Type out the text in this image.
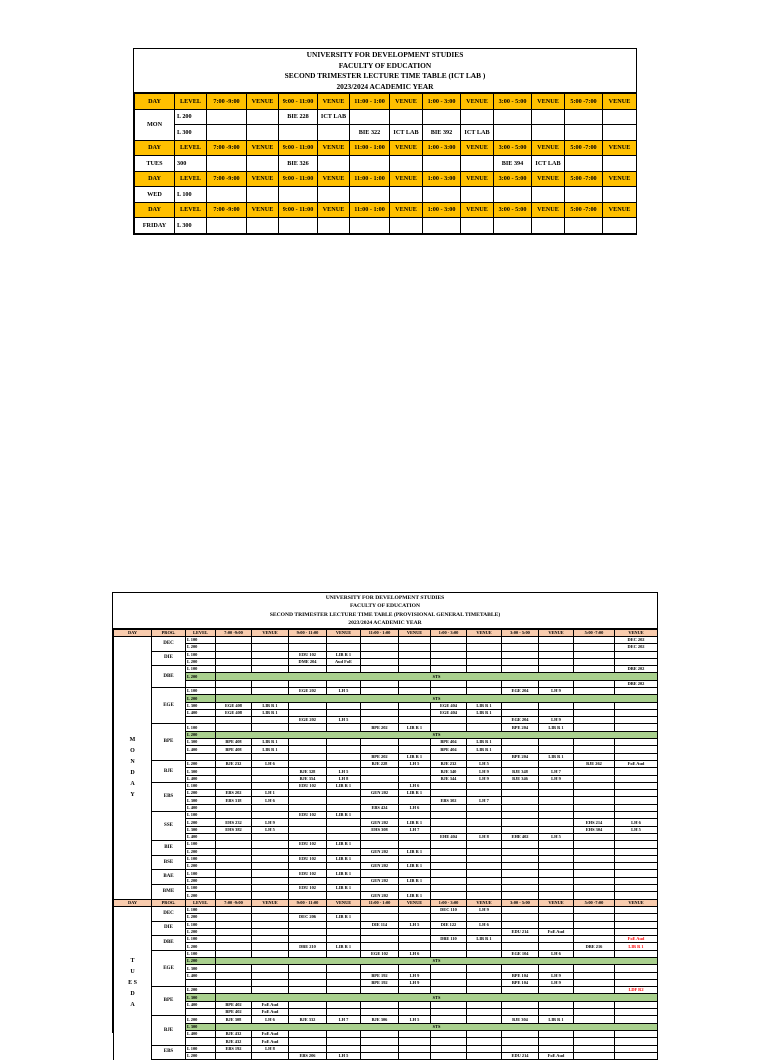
UNIVERSITY FOR DEVELOPMENT STUDIES
FACULTY OF EDUCATION
SECOND TRIMESTER LECTURE TIME TABLE (ICT LAB )
2023/2024 ACADEMIC YEAR
DAY	LEVEL	7:00 -9:00	VENUE	9:00 - 11:00	VENUE	11:00 - 1:00	VENUE	1:00 - 3:00	VENUE	3:00 - 5:00	VENUE	5:00 -7:00	VENUE
MON	L 200			BIE 228	ICT LAB								
	L 300					BIE 322	ICT LAB	BIE 392	ICT LAB				
DAY	LEVEL	7:00 -9:00	VENUE	9:00 - 11:00	VENUE	11:00 - 1:00	VENUE	1:00 - 3:00	VENUE	3:00 - 5:00	VENUE	5:00 -7:00	VENUE
TUES	300			BIE 326						BIE 394	ICT LAB		
DAY	LEVEL	7:00 -9:00	VENUE	9:00 - 11:00	VENUE	11:00 - 1:00	VENUE	1:00 - 3:00	VENUE	3:00 - 5:00	VENUE	5:00 -7:00	VENUE
WED	L 100												
DAY	LEVEL	7:00 -9:00	VENUE	9:00 - 11:00	VENUE	11:00 - 1:00	VENUE	1:00 - 3:00	VENUE	3:00 - 5:00	VENUE	5:00 -7:00	VENUE
FRIDAY	L 300												
UNIVERSITY FOR DEVELOPMENT STUDIES
FACULTY OF EDUCATION
SECOND TRIMESTER LECTURE TIME TABLE (PROVISIONAL GENERAL TIMETABLE)
2023/2024 ACADEMIC YEAR
DAY	PROG.	LEVEL	7:00 -9:00	VENUE	9:00 - 11:00	VENUE	11:00 - 1:00	VENUE	1:00 - 3:00	VENUE	3:00 - 5:00	VENUE	5:00 -7:00	VENUE
M O N D A Y	DEC	L 100												DEC 202
		L 200												DEC 202
	DIE	L 100			EDU 102	LIB R 1								
		L 200			DME 204	Aud FoE								
	DBE	L 100												DBE 202
		L 200	STS											
														DBE 202
	EGE	L 100			EGE 202	LH 5					EGE 204	LH 9		
		L 200	STS											
		L 300	EGE 408	LIB R 1					EGE 404	LIB R 1				
		L 400	EGE 408	LIB R 1					EGE 404	LIB R 1				
					EGE 202	LH 5					EGE 204	LH 9		
	BPE	L 100					BPE 202	LIB R 1			BPE 204	LIB R 1		
		L 200	STS											
		L 300	BPE 408	LIB R 1					BPE 404	LIB R 1				
		L 400	BPE 408	LIB R 1					BPE 404	LIB R 1				
							BPE 202	LIB R 1			BPE 204	LIB R 1		
	BJE	L 200	BJE 232	LH 6			BJE 228	LH 5	BJE 232	LH 5			BJE 262	FoE Aud
		L 300			BJE 328	LH 5			BJE 340	LH 9	BJE 348	LH 7		
		L 400			BJE 354	LH 8			BJE 344	LH 9	BJE 346	LH 9		
	EBS	L 100			EDU 102	LIB R 1		LH 6						
		L 200	EBS 202	LH 1			GEN 202	LIB R 1						
		L 300	EBS 318	LH 6					EBS 302	LH 7				
		L 400					EBS 424	LH 6						
	SSE	L 100			EDU 102	LIB R 1								
		L 200	EHS 232	LH 9			GEN 202	LIB R 1					EHS 214	LH 6
		L 300	EHS 382	LH 5			EHS 308	LH 7					EHS 304	LH 5
		L 400							EHE 404	LH 8	EHE 402	LH 5		
	BIE	L 100			EDU 102	LIB R 1								
		L 200					GEN 202	LIB R 1						
	BSE	L 100			EDU 102	LIB R 1								
		L 200					GEN 202	LIB R 1						
	BAE	L 100			EDU 102	LIB R 1								
		L 200					GEN 202	LIB R 1						
	BME	L 100			EDU 102	LIB R 1								
		L 200					GEN 202	LIB R 1						
DAY	PROG.	LEVEL	7:00 -9:00	VENUE	9:00 - 11:00	VENUE	11:00 - 1:00	VENUE	1:00 - 3:00	VENUE	3:00 - 5:00	VENUE	5:00 -7:00	VENUE
T U E S D A	DEC	L 100							DEC 110	LH 9				
		L 200			DEC 206	LIB R 1								
	DIE	L 100					DIE 114	LH 5	DIE 122	LH 6				
		L 200									EDU 214	FoE Aud		
	DBE	L 100							DBE 110	LIB R 1				FoE Aud
		L 200			DBE 210	LIB R 1							DBE 216	LIB R 1
	EGE	L 100					EGE 102	LH 6			EGE 104	LH 6		
		L 200	STS											
		L 300												
		L 400					BPE 192	LH 9			BPE 104	LH 9		
							BPE 192	LH 9			BPE 104	LH 9		
	BPE	L 200												LDF R2
		L 300	STS											
		L 400	BPE 402	FoE Aud										
			BPE 402	FoE Aud										
	BJE	L 200	BJE 308	LH 6	BJE 332	LH 7	BJE 306	LH 5			BJE 304	LIB R 1		
		L 300	STS											
		L 400	BJE 432	FoE Aud										
			BJE 432	FoE Aud										
	EBS	L 100	EBS 192	LH 8										
		L 200			EBS 206	LH 5					EDU 214	FoE Aud		
